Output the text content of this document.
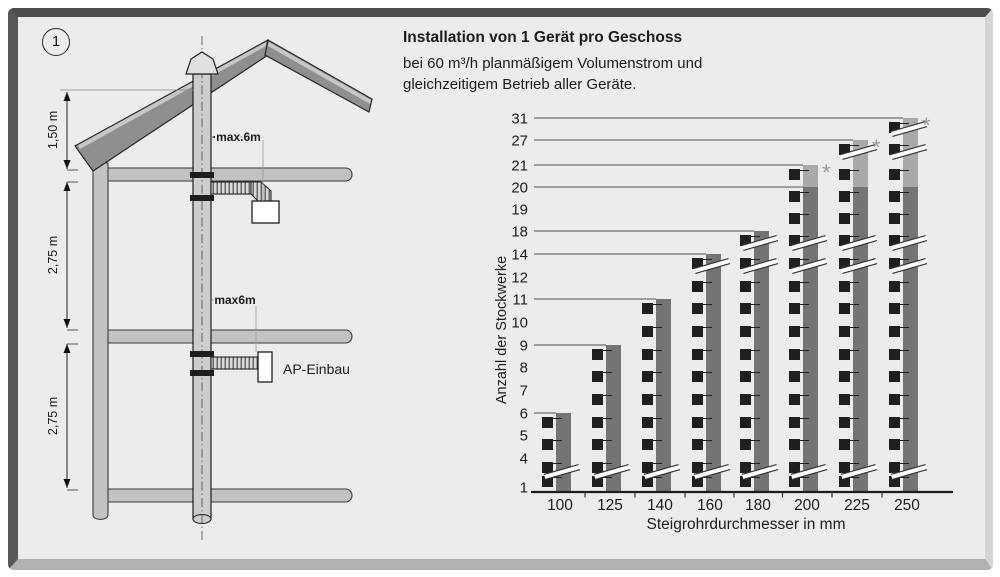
AP-Einbau
1,50 m
2,75 m
2,75 m
max.6m
max6m
31
27
21
20
19
18
14
12
11
10
9
8
7
6
5
4
1
*
*
*
100 125 140 160 180 200 225 250
Steigrohrdurchmesser in mm
Anzahl der Stockwerke
1	Installation von 1 Gerät pro Geschoss

bei 60 m³/h planmäßigem Volumenstrom und

gleichzeitigem Betrieb aller Geräte.
